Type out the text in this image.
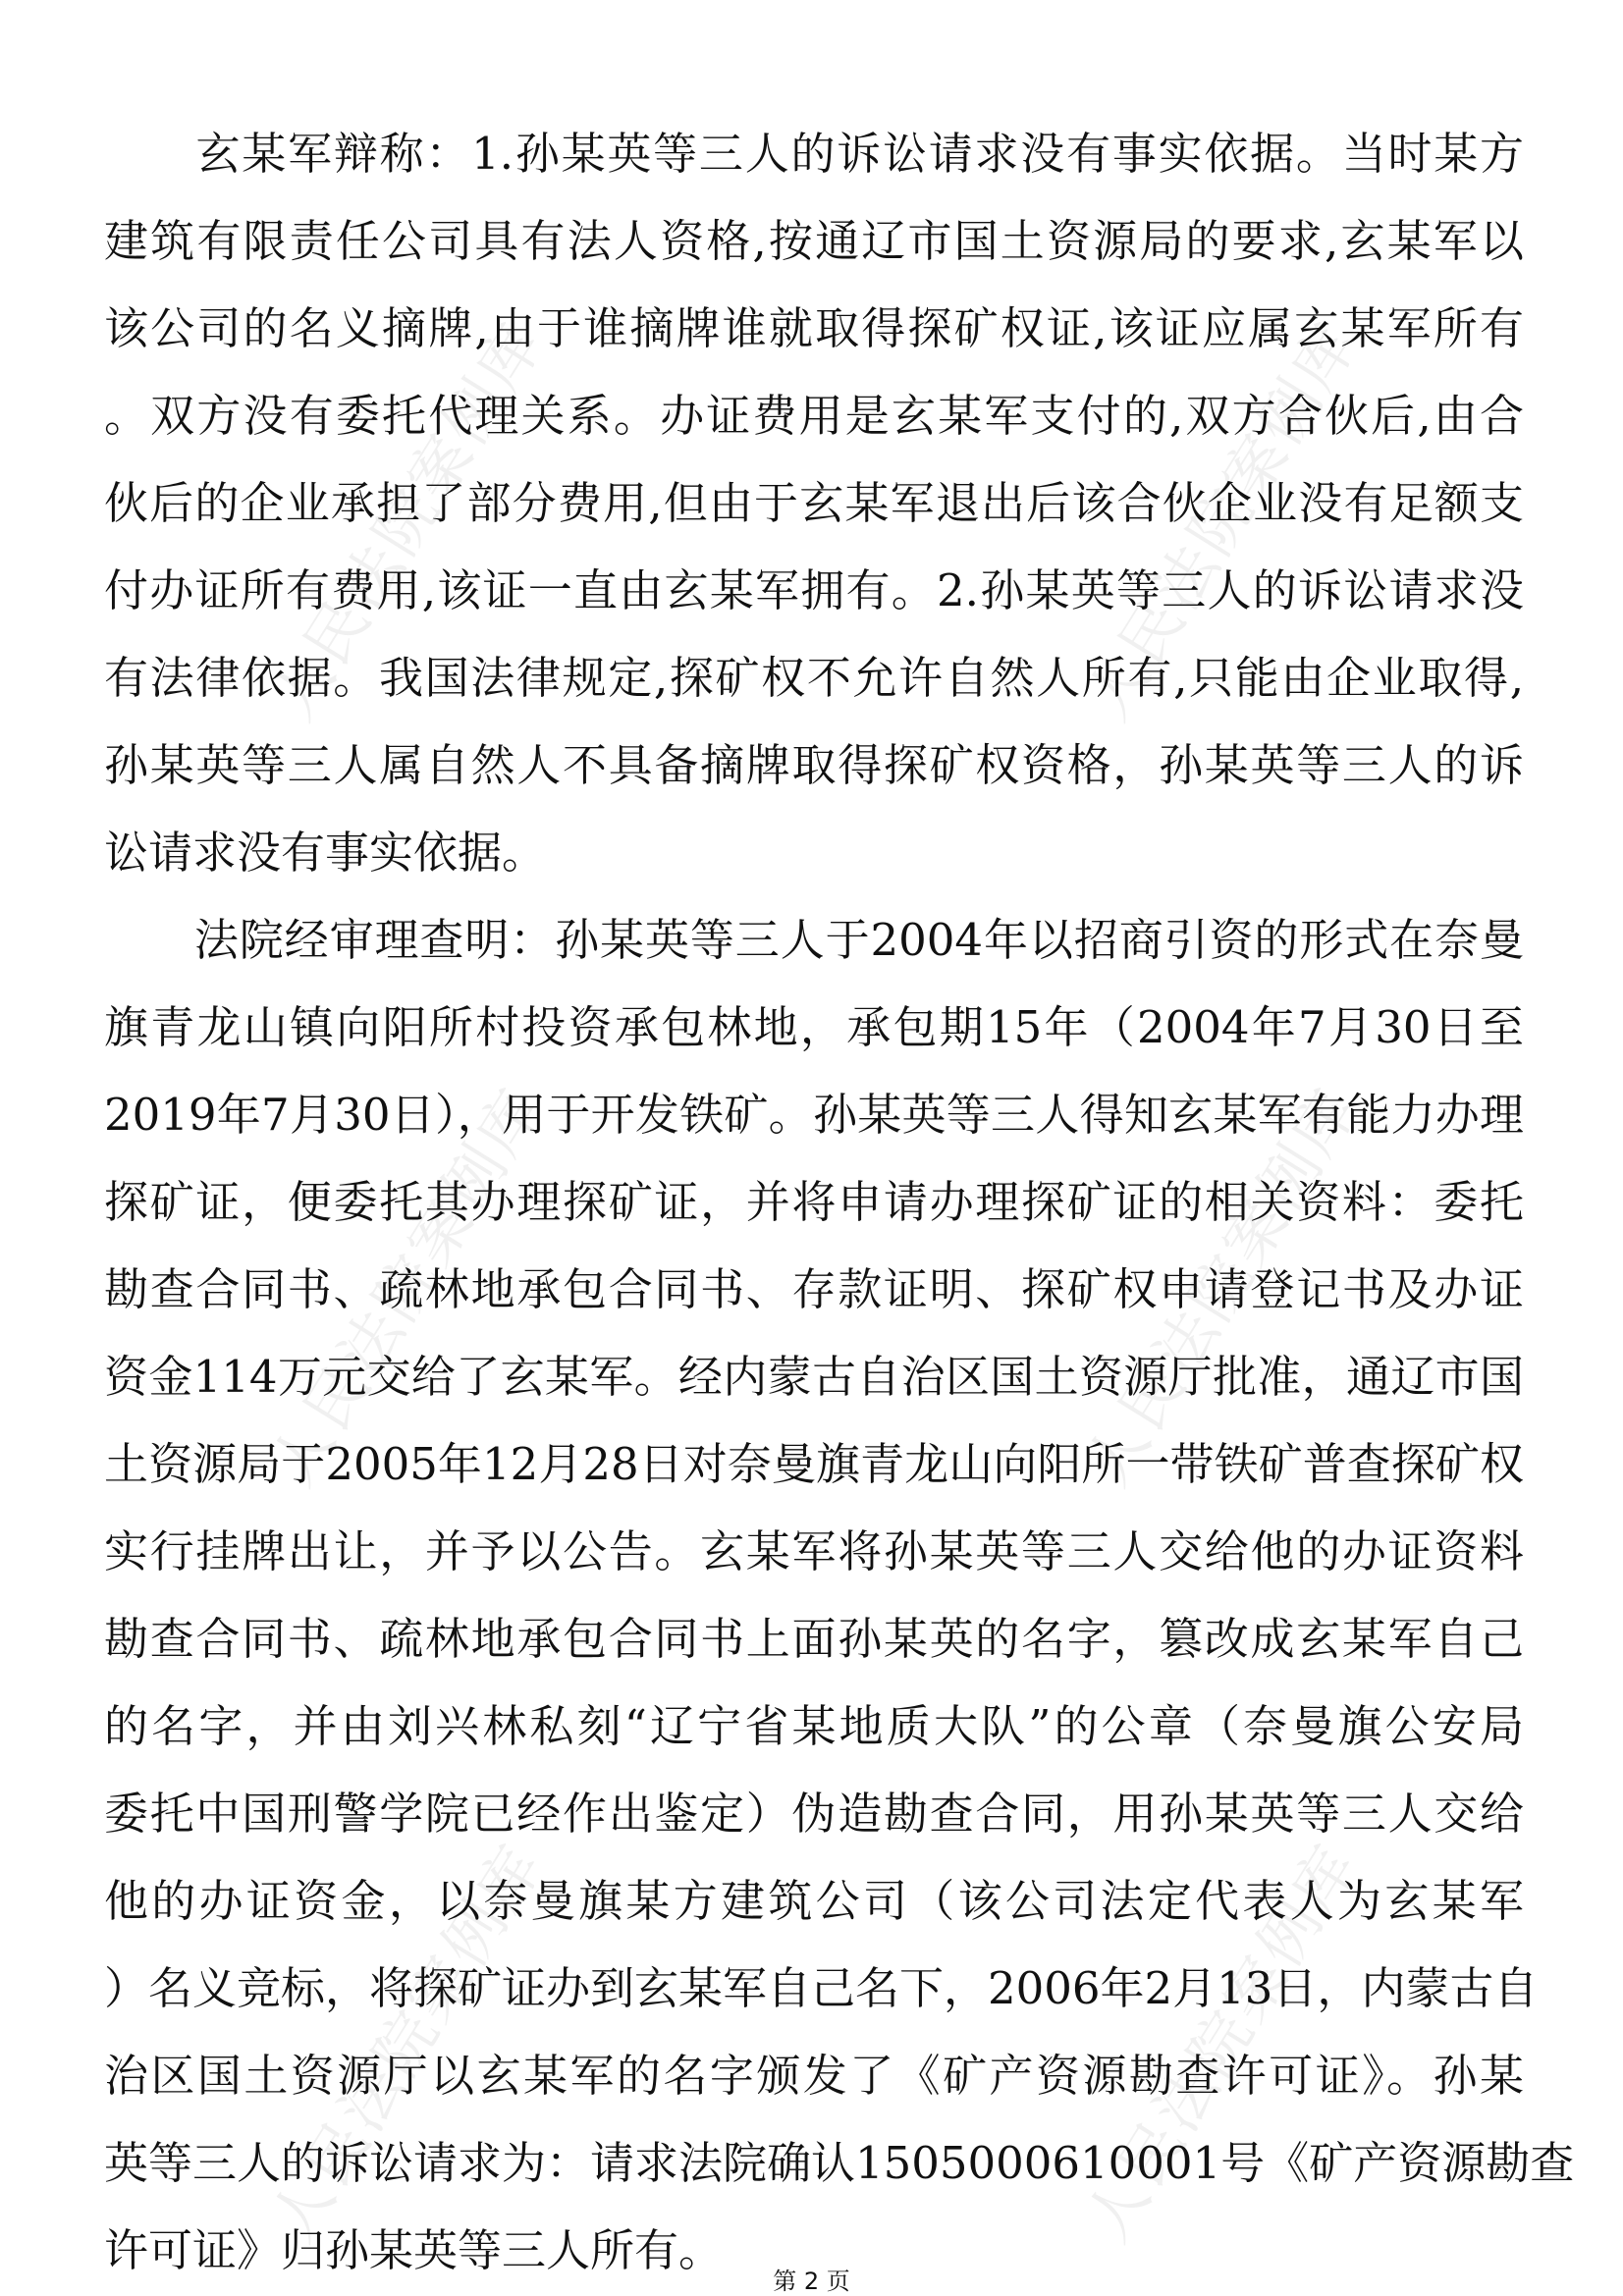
人民法院案例库	人民法院案例库
人民法院案例库	人民法院案例库
人民法院案例库	人民法院案例库
　　玄某军辩称：1.孙某英等三人的诉讼请求没有事实依据。当时某方
建筑有限责任公司具有法人资格,按通辽市国土资源局的要求,玄某军以
该公司的名义摘牌,由于谁摘牌谁就取得探矿权证,该证应属玄某军所有
。双方没有委托代理关系。办证费用是玄某军支付的,双方合伙后,由合
伙后的企业承担了部分费用,但由于玄某军退出后该合伙企业没有足额支
付办证所有费用,该证一直由玄某军拥有。2.孙某英等三人的诉讼请求没
有法律依据。我国法律规定,探矿权不允许自然人所有,只能由企业取得,
孙某英等三人属自然人不具备摘牌取得探矿权资格，孙某英等三人的诉
讼请求没有事实依据。
　　法院经审理查明：孙某英等三人于2004年以招商引资的形式在奈曼
旗青龙山镇向阳所村投资承包林地，承包期15年（2004年7月30日至
2019年7月30日），用于开发铁矿。孙某英等三人得知玄某军有能力办理
探矿证，便委托其办理探矿证，并将申请办理探矿证的相关资料：委托
勘查合同书、疏林地承包合同书、存款证明、探矿权申请登记书及办证
资金114万元交给了玄某军。经内蒙古自治区国土资源厅批准，通辽市国
土资源局于2005年12月28日对奈曼旗青龙山向阳所一带铁矿普查探矿权
实行挂牌出让，并予以公告。玄某军将孙某英等三人交给他的办证资料
勘查合同书、疏林地承包合同书上面孙某英的名字，篡改成玄某军自己
的名字，并由刘兴林私刻“辽宁省某地质大队”的公章（奈曼旗公安局
委托中国刑警学院已经作出鉴定）伪造勘查合同，用孙某英等三人交给
他的办证资金，以奈曼旗某方建筑公司（该公司法定代表人为玄某军
）名义竞标，将探矿证办到玄某军自己名下，2006年2月13日，内蒙古自
治区国土资源厅以玄某军的名字颁发了《矿产资源勘查许可证》。孙某
英等三人的诉讼请求为：请求法院确认1505000610001号《矿产资源勘查
许可证》归孙某英等三人所有。
第 2 页
